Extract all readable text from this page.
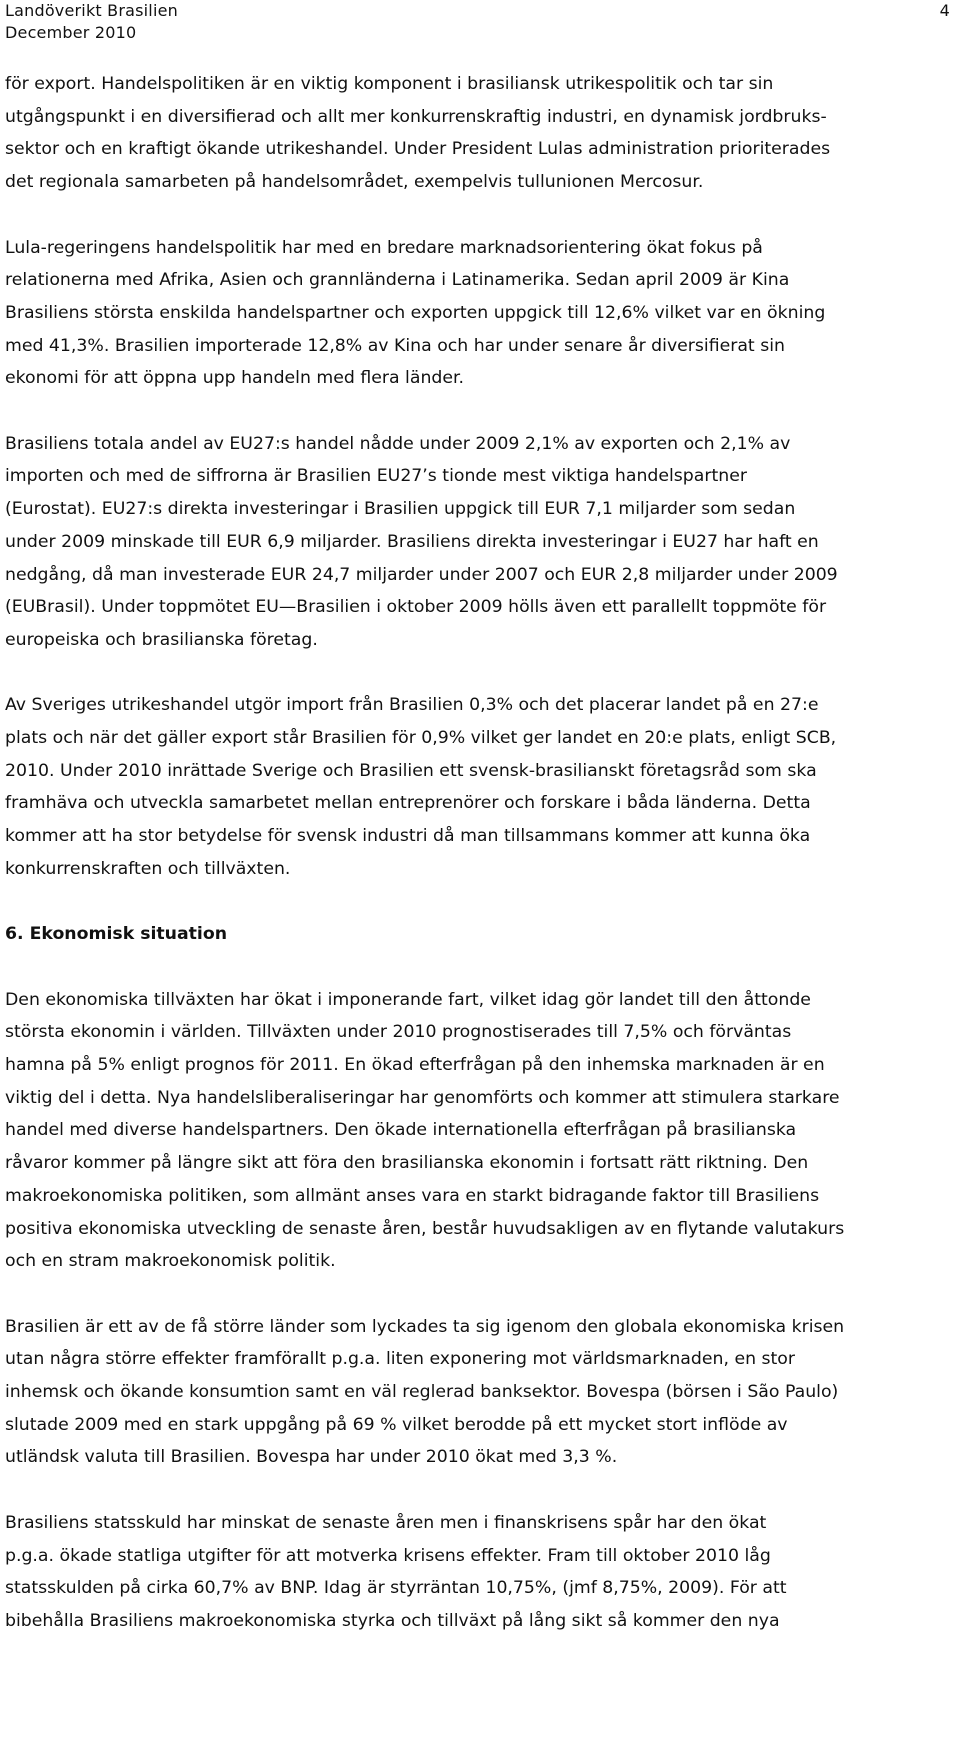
Landöverikt Brasilien
December 2010
4

för export. Handelspolitiken är en viktig komponent i brasiliansk utrikespolitik och tar sin
utgångspunkt i en diversifierad och allt mer konkurrenskraftig industri, en dynamisk jordbruks-
sektor och en kraftigt ökande utrikeshandel. Under President Lulas administration prioriterades
det regionala samarbeten på handelsområdet, exempelvis tullunionen Mercosur.

Lula-regeringens handelspolitik har med en bredare marknadsorientering ökat fokus på
relationerna med Afrika, Asien och grannländerna i Latinamerika. Sedan april 2009 är Kina
Brasiliens största enskilda handelspartner och exporten uppgick till 12,6% vilket var en ökning
med 41,3%. Brasilien importerade 12,8% av Kina och har under senare år diversifierat sin
ekonomi för att öppna upp handeln med flera länder.

Brasiliens totala andel av EU27:s handel nådde under 2009 2,1% av exporten och 2,1% av
importen och med de siffrorna är Brasilien EU27’s tionde mest viktiga handelspartner
(Eurostat). EU27:s direkta investeringar i Brasilien uppgick till EUR 7,1 miljarder som sedan
under 2009 minskade till EUR 6,9 miljarder. Brasiliens direkta investeringar i EU27 har haft en
nedgång, då man investerade EUR 24,7 miljarder under 2007 och EUR 2,8 miljarder under 2009
(EUBrasil). Under toppmötet EU—Brasilien i oktober 2009 hölls även ett parallellt toppmöte för
europeiska och brasilianska företag.

Av Sveriges utrikeshandel utgör import från Brasilien 0,3% och det placerar landet på en 27:e
plats och när det gäller export står Brasilien för 0,9% vilket ger landet en 20:e plats, enligt SCB,
2010. Under 2010 inrättade Sverige och Brasilien ett svensk-brasilianskt företagsråd som ska
framhäva och utveckla samarbetet mellan entreprenörer och forskare i båda länderna. Detta
kommer att ha stor betydelse för svensk industri då man tillsammans kommer att kunna öka
konkurrenskraften och tillväxten.

6. Ekonomisk situation

Den ekonomiska tillväxten har ökat i imponerande fart, vilket idag gör landet till den åttonde
största ekonomin i världen. Tillväxten under 2010 prognostiserades till 7,5% och förväntas
hamna på 5% enligt prognos för 2011. En ökad efterfrågan på den inhemska marknaden är en
viktig del i detta. Nya handelsliberaliseringar har genomförts och kommer att stimulera starkare
handel med diverse handelspartners. Den ökade internationella efterfrågan på brasilianska
råvaror kommer på längre sikt att föra den brasilianska ekonomin i fortsatt rätt riktning. Den
makroekonomiska politiken, som allmänt anses vara en starkt bidragande faktor till Brasiliens
positiva ekonomiska utveckling de senaste åren, består huvudsakligen av en flytande valutakurs
och en stram makroekonomisk politik.

Brasilien är ett av de få större länder som lyckades ta sig igenom den globala ekonomiska krisen
utan några större effekter framförallt p.g.a. liten exponering mot världsmarknaden, en stor
inhemsk och ökande konsumtion samt en väl reglerad banksektor. Bovespa (börsen i São Paulo)
slutade 2009 med en stark uppgång på 69 % vilket berodde på ett mycket stort inflöde av
utländsk valuta till Brasilien. Bovespa har under 2010 ökat med 3,3 %.

Brasiliens statsskuld har minskat de senaste åren men i finanskrisens spår har den ökat
p.g.a. ökade statliga utgifter för att motverka krisens effekter. Fram till oktober 2010 låg
statsskulden på cirka 60,7% av BNP. Idag är styrräntan 10,75%, (jmf 8,75%, 2009). För att
bibehålla Brasiliens makroekonomiska styrka och tillväxt på lång sikt så kommer den nya
